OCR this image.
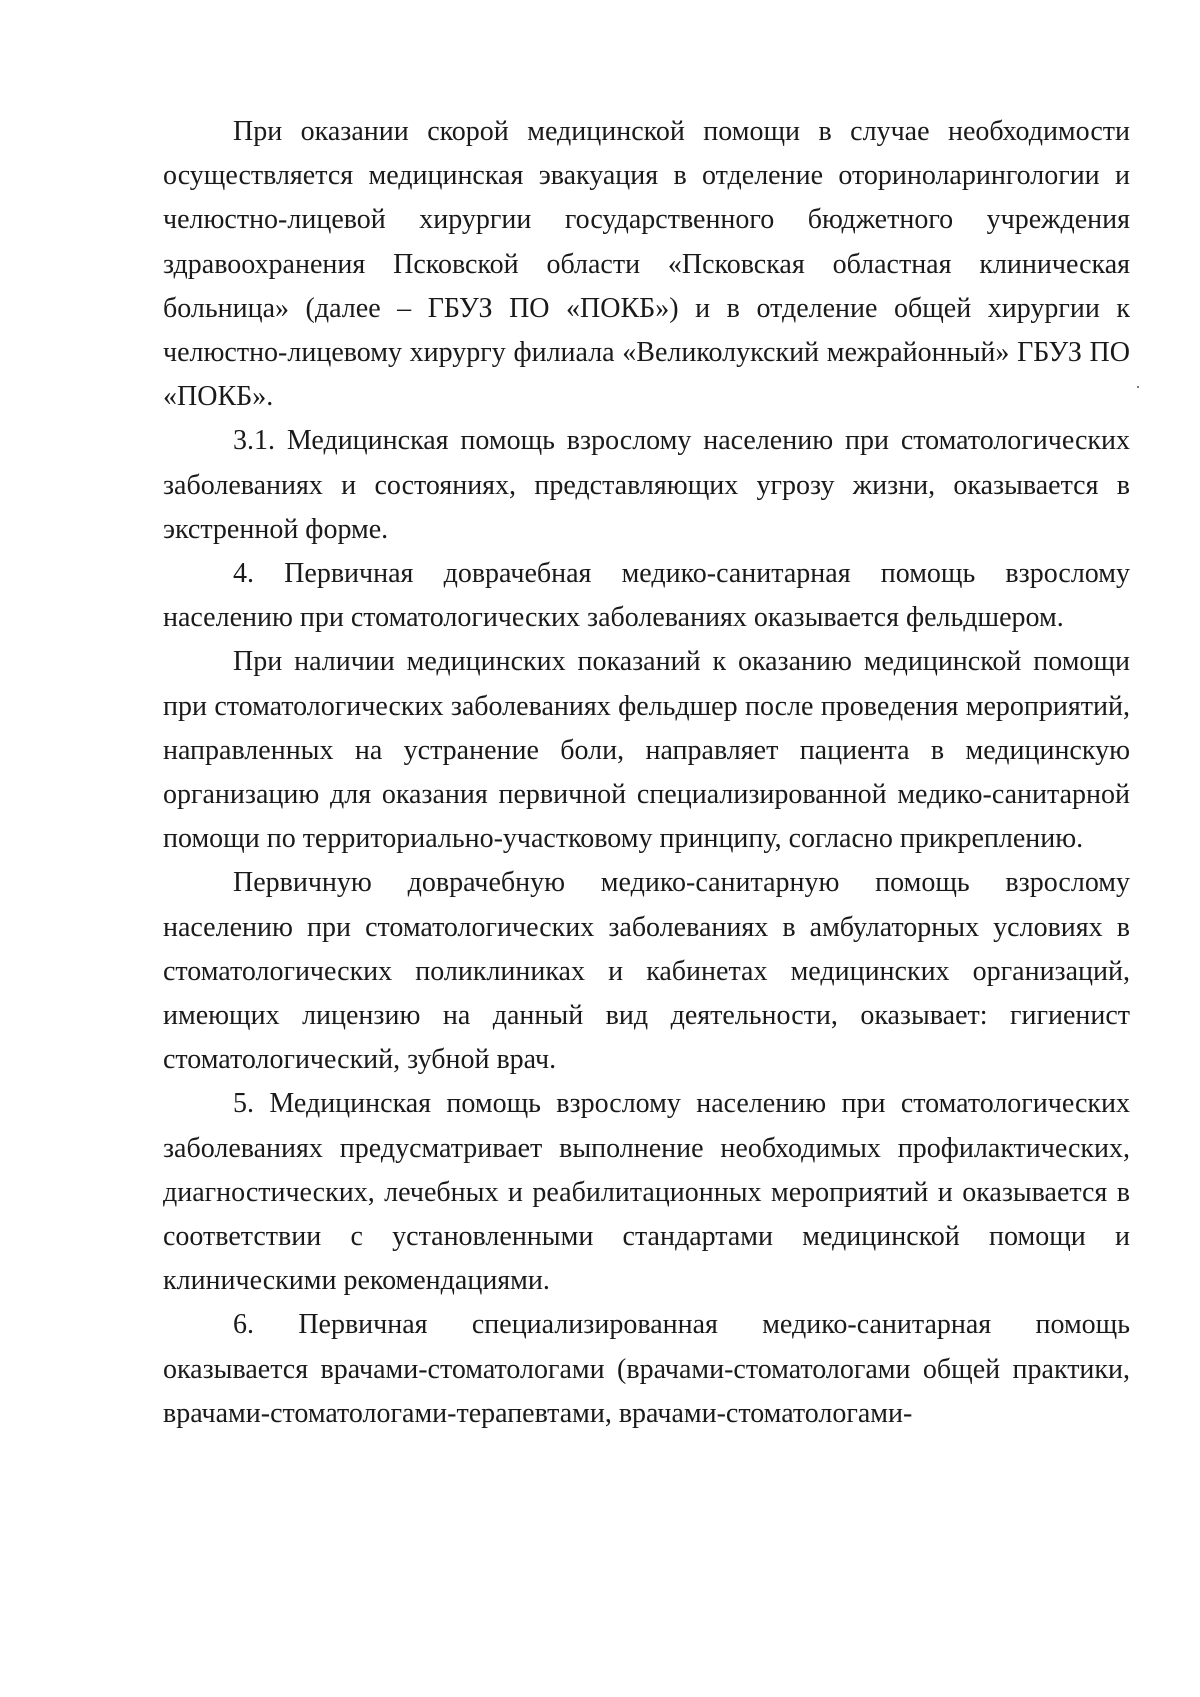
При оказании скорой медицинской помощи в случае необходимости осуществляется медицинская эвакуация в отделение оториноларингологии и челюстно-лицевой хирургии государственного бюджетного учреждения здравоохранения Псковской области «Псковская областная клиническая больница» (далее – ГБУЗ ПО «ПОКБ») и в отделение общей хирургии к челюстно-лицевому хирургу филиала «Великолукский межрайонный» ГБУЗ ПО «ПОКБ».

3.1. Медицинская помощь взрослому населению при стоматологических заболеваниях и состояниях, представляющих угрозу жизни, оказывается в экстренной форме.

4. Первичная доврачебная медико-санитарная помощь взрослому населению при стоматологических заболеваниях оказывается фельдшером.

При наличии медицинских показаний к оказанию медицинской помощи при стоматологических заболеваниях фельдшер после проведения мероприятий, направленных на устранение боли, направляет пациента в медицинскую организацию для оказания первичной специализированной медико-санитарной помощи по территориально-участковому принципу, согласно прикреплению.

Первичную доврачебную медико-санитарную помощь взрослому населению при стоматологических заболеваниях в амбулаторных условиях в стоматологических поликлиниках и кабинетах медицинских организаций, имеющих лицензию на данный вид деятельности, оказывает: гигиенист стоматологический, зубной врач.

5. Медицинская помощь взрослому населению при стоматологических заболеваниях предусматривает выполнение необходимых профилактических, диагностических, лечебных и реабилитационных мероприятий и оказывается в соответствии с установленными стандартами медицинской помощи и клиническими рекомендациями.

6. Первичная специализированная медико-санитарная помощь оказывается врачами-стоматологами (врачами-стоматологами общей практики, врачами-стоматологами-терапевтами, врачами-стоматологами-
